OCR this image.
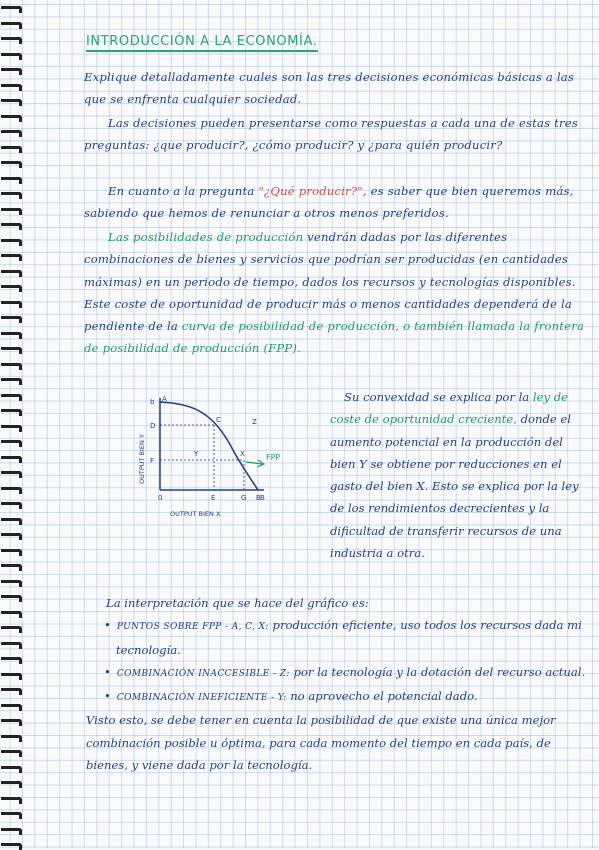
INTRODUCCIÓN A LA ECONOMÍA.
Explique detalladamente cuales son las tres decisiones económicas básicas a las que se enfrenta cualquier sociedad.
Las decisiones pueden presentarse como respuestas a cada una de estas tres preguntas: ¿que producir?, ¿cómo producir? y ¿para quién producir?
En cuanto a la pregunta "¿Qué producir?", es saber que bien queremos más, sabiendo que hemos de renunciar a otros menos preferidos.
Las posibilidades de producción vendrán dadas por las diferentes combinaciones de bienes y servicios que podrían ser producidas (en cantidades máximas) en un periodo de tiempo, dados los recursos y tecnologías disponibles. Este coste de oportunidad de producir más o menos cantidades dependerá de la pendiente de la curva de posibilidad de producción, o también llamada la frontera de posibilidad de producción (FPP).
A
C
X
B
Y
Z
b
D
F
0	E	G B
OUTPUT BIEN X
OUTPUT BIEN Y	FPP
Su convexidad se explica por la ley de coste de oportunidad creciente, donde el aumento potencial en la producción del bien Y se obtiene por reducciones en el gasto del bien X. Esto se explica por la ley de los rendimientos decrecientes y la dificultad de transferir recursos de una industria a otra.
La interpretación que se hace del gráfico es:
• PUNTOS SOBRE FPP - A, C, X: producción eficiente, uso todos los recursos dada mi tecnología.
• COMBINACIÓN INACCESIBLE - Z: por la tecnología y la dotación del recurso actual.
• COMBINACIÓN INEFICIENTE - Y: no aprovecho el potencial dado.
Visto esto, se debe tener en cuenta la posibilidad de que existe una única mejor combinación posible u óptima, para cada momento del tiempo en cada país, de bienes, y viene dada por la tecnología.
